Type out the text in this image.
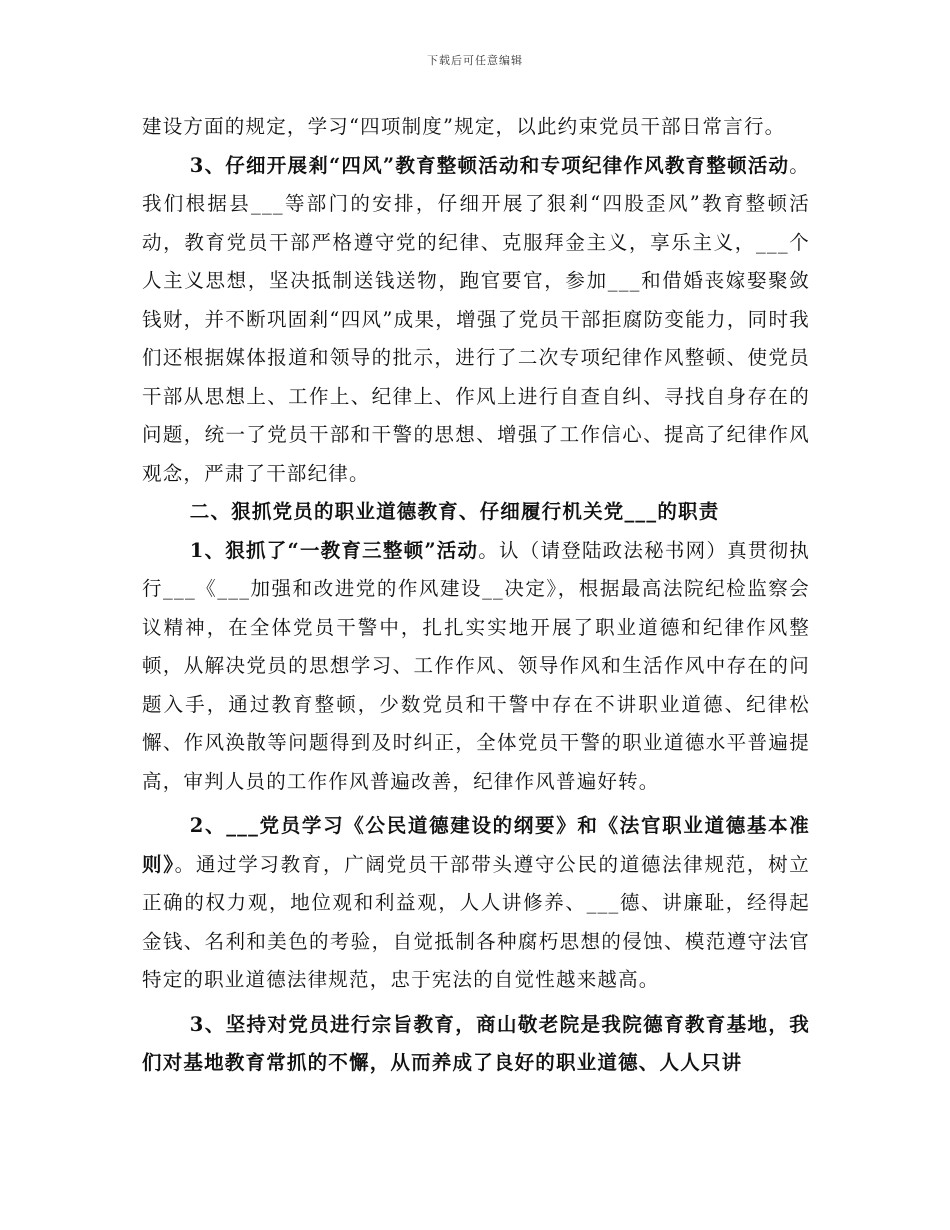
下载后可任意编辑

建设方面的规定，学习“四项制度”规定，以此约束党员干部日常言行。

3、仔细开展剎“四风”教育整顿活动和专项纪律作风教育整顿活动。我们根据县___等部门的安排，仔细开展了狠剎“四股歪风”教育整顿活动，教育党员干部严格遵守党的纪律、克服拜金主义，享乐主义，___个人主义思想，坚决抵制送钱送物，跑官要官，参加___和借婚丧嫁娶聚敛钱财，并不断巩固剎“四风”成果，增强了党员干部拒腐防变能力，同时我们还根据媒体报道和领导的批示，进行了二次专项纪律作风整顿、使党员干部从思想上、工作上、纪律上、作风上进行自查自纠、寻找自身存在的问题，统一了党员干部和干警的思想、增强了工作信心、提高了纪律作风观念，严肃了干部纪律。

二、狠抓党员的职业道德教育、仔细履行机关党___的职责

1、狠抓了“一教育三整顿”活动。认（请登陆政法秘书网）真贯彻执行___《___加强和改进党的作风建设__决定》，根据最高法院纪检监察会议精神，在全体党员干警中，扎扎实实地开展了职业道德和纪律作风整顿，从解决党员的思想学习、工作作风、领导作风和生活作风中存在的问题入手，通过教育整顿，少数党员和干警中存在不讲职业道德、纪律松懈、作风涣散等问题得到及时纠正，全体党员干警的职业道德水平普遍提高，审判人员的工作作风普遍改善，纪律作风普遍好转。

2、___党员学习《公民道德建设的纲要》和《法官职业道德基本准则》。通过学习教育，广阔党员干部带头遵守公民的道德法律规范，树立正确的权力观，地位观和利益观，人人讲修养、___德、讲廉耻，经得起金钱、名利和美色的考验，自觉抵制各种腐朽思想的侵蚀、模范遵守法官特定的职业道德法律规范，忠于宪法的自觉性越来越高。

3、坚持对党员进行宗旨教育，商山敬老院是我院德育教育基地，我们对基地教育常抓的不懈，从而养成了良好的职业道德、人人只讲
